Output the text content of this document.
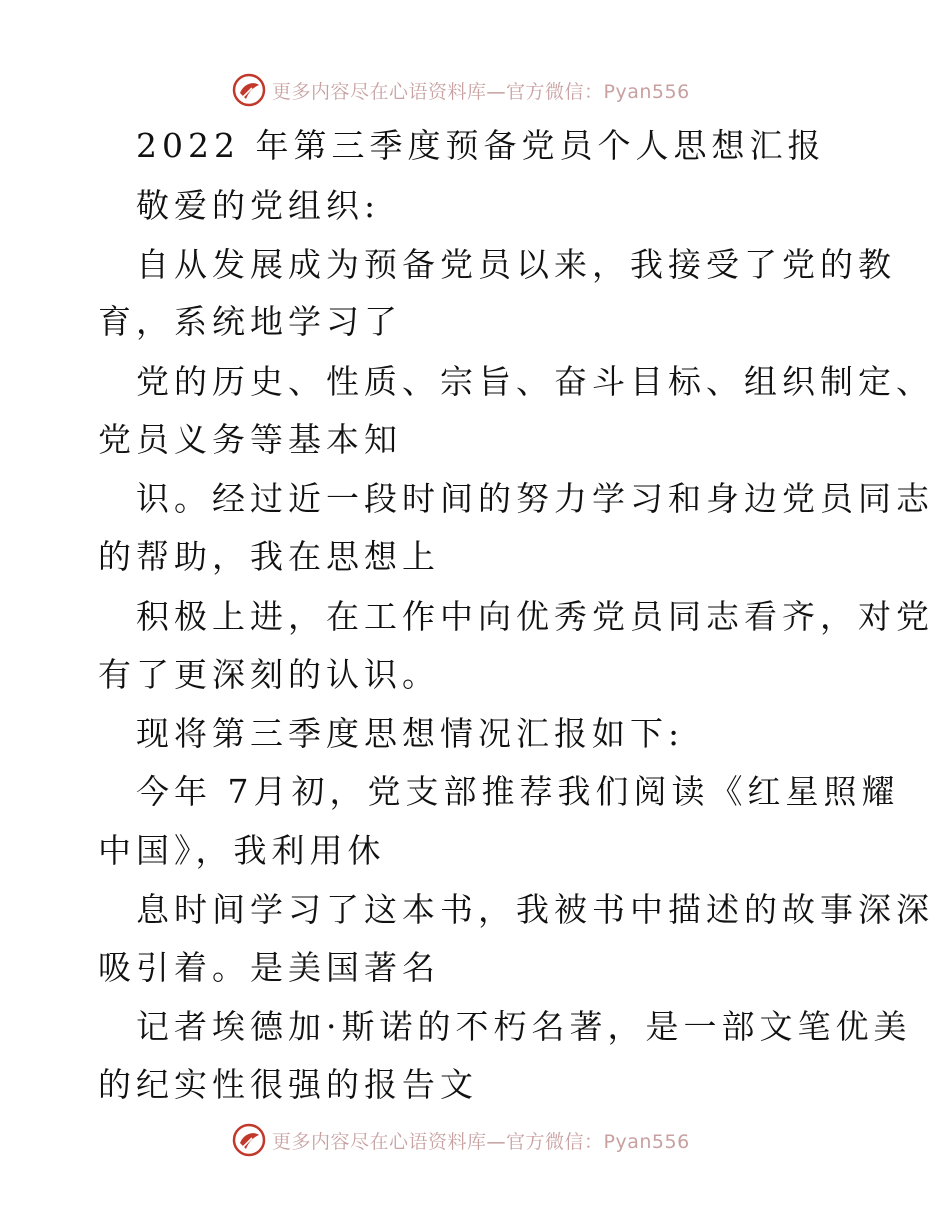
更多内容尽在心语资料库—官方微信：Pyan556
2022 年第三季度预备党员个人思想汇报
敬爱的党组织:
自从发展成为预备党员以来，我接受了党的教
育，系统地学习了
党的历史、性质、宗旨、奋斗目标、组织制定、
党员义务等基本知
识。经过近一段时间的努力学习和身边党员同志
的帮助，我在思想上
积极上进，在工作中向优秀党员同志看齐，对党
有了更深刻的认识。
现将第三季度思想情况汇报如下:
今年 7月初，党支部推荐我们阅读《红星照耀
中国》，我利用休
息时间学习了这本书，我被书中描述的故事深深
吸引着。是美国著名
记者埃德加·斯诺的不朽名著，是一部文笔优美
的纪实性很强的报告文
更多内容尽在心语资料库—官方微信：Pyan556
